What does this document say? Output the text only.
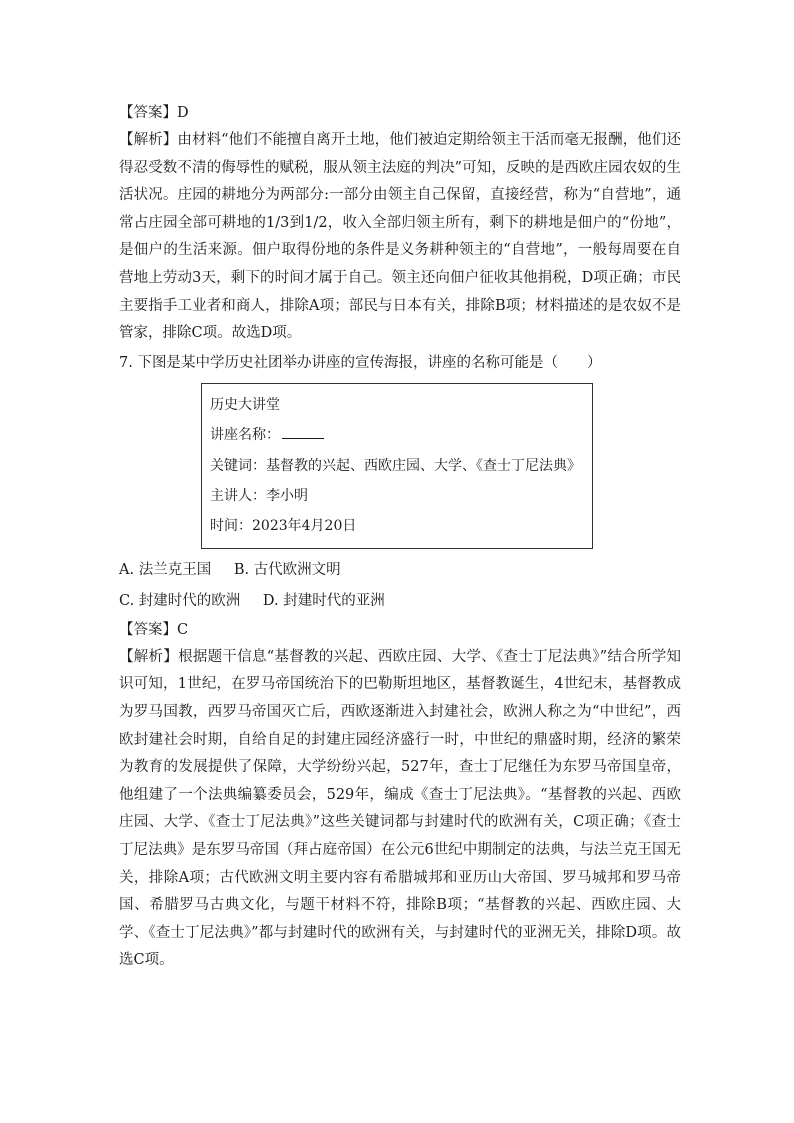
【答案】D
【解析】由材料“他们不能擅自离开土地，他们被迫定期给领主干活而毫无报酬，他们还得忍受数不清的侮辱性的赋税，服从领主法庭的判决”可知，反映的是西欧庄园农奴的生活状况。庄园的耕地分为两部分:一部分由领主自己保留，直接经营，称为“自营地”，通常占庄园全部可耕地的1/3到1/2，收入全部归领主所有，剩下的耕地是佃户的“份地”，是佃户的生活来源。佃户取得份地的条件是义务耕种领主的“自营地”，一般每周要在自营地上劳动3天，剩下的时间才属于自己。领主还向佃户征收其他捐税，D项正确；市民主要指手工业者和商人，排除A项；部民与日本有关，排除B项；材料描述的是农奴不是管家，排除C项。故选D项。
7. 下图是某中学历史社团举办讲座的宣传海报，讲座的名称可能是（　　）
历史大讲堂
讲座名称：
关键词：基督教的兴起、西欧庄园、大学、《查士丁尼法典》
主讲人：李小明
时间：2023年4月20日
A. 法兰克王国 B. 古代欧洲文明
C. 封建时代的欧洲 D. 封建时代的亚洲
【答案】C
【解析】根据题干信息“基督教的兴起、西欧庄园、大学、《查士丁尼法典》”结合所学知识可知，1世纪，在罗马帝国统治下的巴勒斯坦地区，基督教诞生，4世纪末，基督教成为罗马国教，西罗马帝国灭亡后，西欧逐渐进入封建社会，欧洲人称之为“中世纪”，西欧封建社会时期，自给自足的封建庄园经济盛行一时，中世纪的鼎盛时期，经济的繁荣为教育的发展提供了保障，大学纷纷兴起，527年，查士丁尼继任为东罗马帝国皇帝，他组建了一个法典编纂委员会，529年，编成《查士丁尼法典》。“基督教的兴起、西欧庄园、大学、《查士丁尼法典》”这些关键词都与封建时代的欧洲有关，C项正确；《查士丁尼法典》是东罗马帝国（拜占庭帝国）在公元6世纪中期制定的法典，与法兰克王国无关，排除A项；古代欧洲文明主要内容有希腊城邦和亚历山大帝国、罗马城邦和罗马帝国、希腊罗马古典文化，与题干材料不符，排除B项；“基督教的兴起、西欧庄园、大学、《查士丁尼法典》”都与封建时代的欧洲有关，与封建时代的亚洲无关，排除D项。故选C项。
